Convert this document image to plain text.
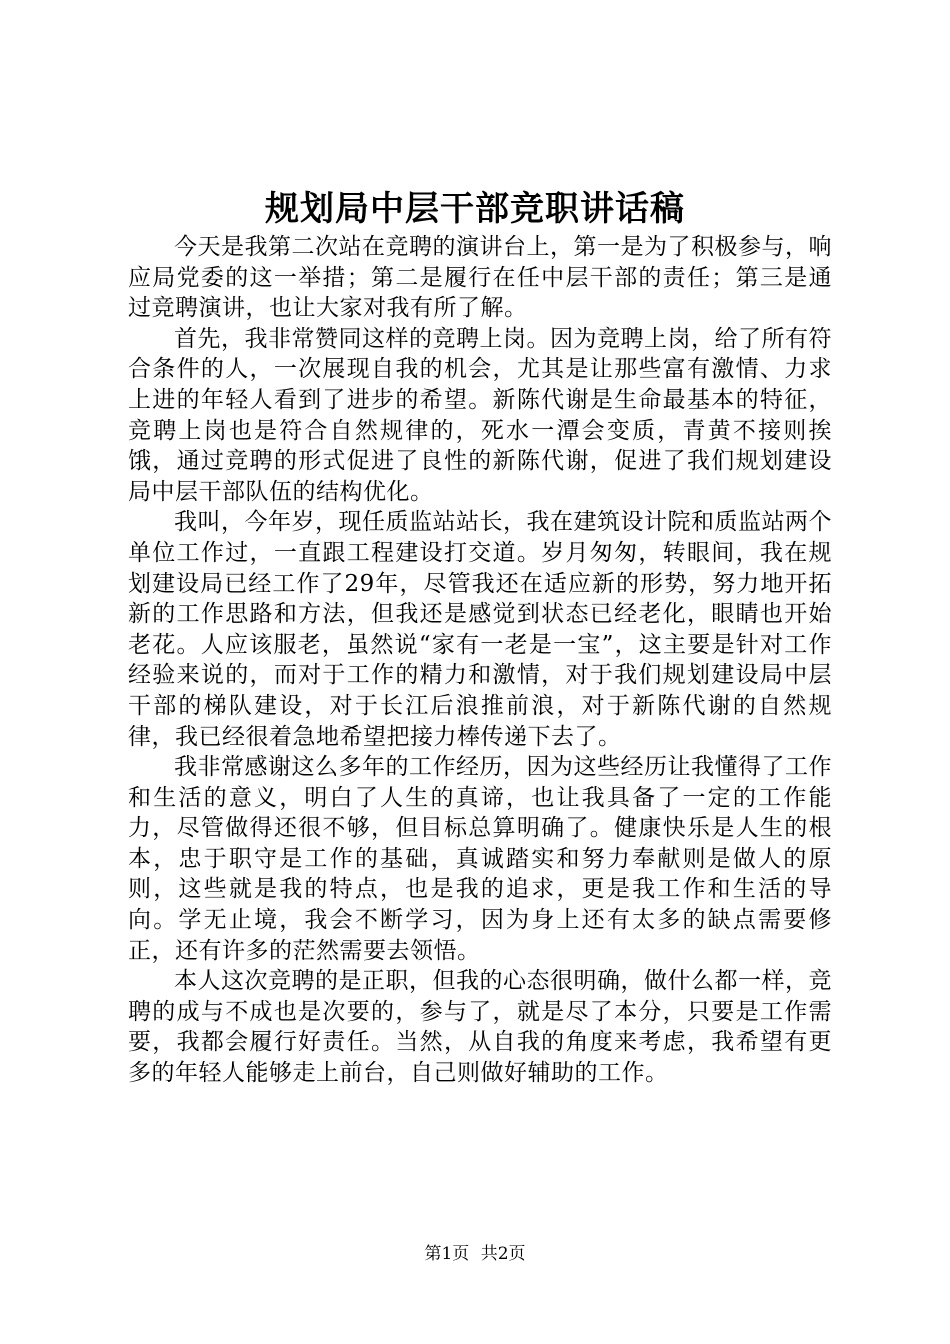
规划局中层干部竞职讲话稿

今天是我第二次站在竞聘的演讲台上，第一是为了积极参与，响应局党委的这一举措；第二是履行在任中层干部的责任；第三是通过竞聘演讲，也让大家对我有所了解。

首先，我非常赞同这样的竞聘上岗。因为竞聘上岗，给了所有符合条件的人，一次展现自我的机会，尤其是让那些富有激情、力求上进的年轻人看到了进步的希望。新陈代谢是生命最基本的特征，竞聘上岗也是符合自然规律的，死水一潭会变质，青黄不接则挨饿，通过竞聘的形式促进了良性的新陈代谢，促进了我们规划建设局中层干部队伍的结构优化。

我叫，今年岁，现任质监站站长，我在建筑设计院和质监站两个单位工作过，一直跟工程建设打交道。岁月匆匆，转眼间，我在规划建设局已经工作了29年，尽管我还在适应新的形势，努力地开拓新的工作思路和方法，但我还是感觉到状态已经老化，眼睛也开始老花。人应该服老，虽然说“家有一老是一宝”，这主要是针对工作经验来说的，而对于工作的精力和激情，对于我们规划建设局中层干部的梯队建设，对于长江后浪推前浪，对于新陈代谢的自然规律，我已经很着急地希望把接力棒传递下去了。

我非常感谢这么多年的工作经历，因为这些经历让我懂得了工作和生活的意义，明白了人生的真谛，也让我具备了一定的工作能力，尽管做得还很不够，但目标总算明确了。健康快乐是人生的根本，忠于职守是工作的基础，真诚踏实和努力奉献则是做人的原则，这些就是我的特点，也是我的追求，更是我工作和生活的导向。学无止境，我会不断学习，因为身上还有太多的缺点需要修正，还有许多的茫然需要去领悟。

本人这次竞聘的是正职，但我的心态很明确，做什么都一样，竞聘的成与不成也是次要的，参与了，就是尽了本分，只要是工作需要，我都会履行好责任。当然，从自我的角度来考虑，我希望有更多的年轻人能够走上前台，自己则做好辅助的工作。

第1页 共2页
